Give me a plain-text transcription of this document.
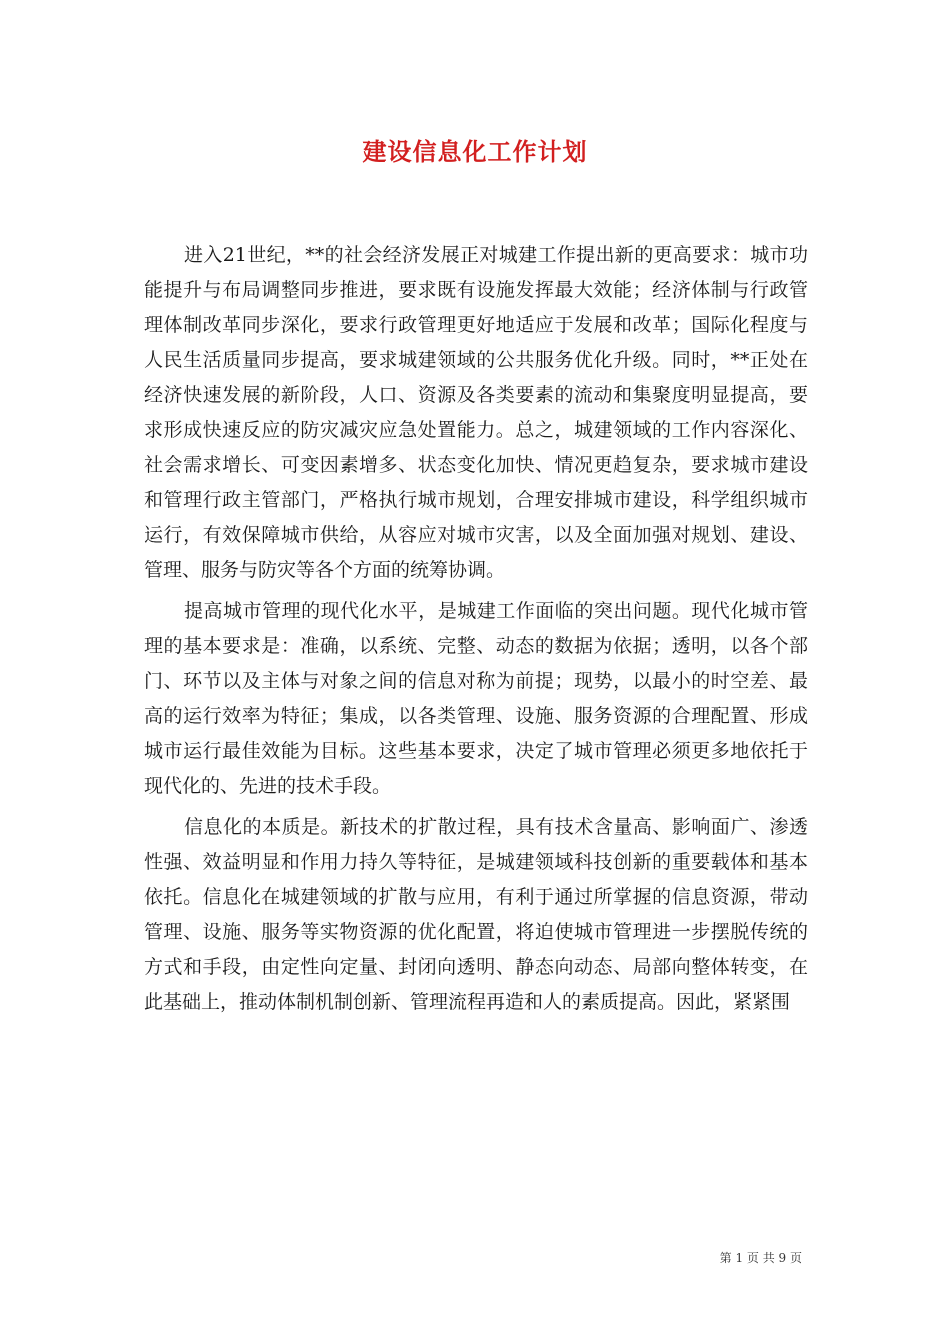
建设信息化工作计划

进入21世纪，**的社会经济发展正对城建工作提出新的更高要求：城市功能提升与布局调整同步推进，要求既有设施发挥最大效能；经济体制与行政管理体制改革同步深化，要求行政管理更好地适应于发展和改革；国际化程度与人民生活质量同步提高，要求城建领域的公共服务优化升级。同时，**正处在经济快速发展的新阶段，人口、资源及各类要素的流动和集聚度明显提高，要求形成快速反应的防灾减灾应急处置能力。总之，城建领域的工作内容深化、社会需求增长、可变因素增多、状态变化加快、情况更趋复杂，要求城市建设和管理行政主管部门，严格执行城市规划，合理安排城市建设，科学组织城市运行，有效保障城市供给，从容应对城市灾害，以及全面加强对规划、建设、管理、服务与防灾等各个方面的统筹协调。

提高城市管理的现代化水平，是城建工作面临的突出问题。现代化城市管理的基本要求是：准确，以系统、完整、动态的数据为依据；透明，以各个部门、环节以及主体与对象之间的信息对称为前提；现势，以最小的时空差、最高的运行效率为特征；集成，以各类管理、设施、服务资源的合理配置、形成城市运行最佳效能为目标。这些基本要求，决定了城市管理必须更多地依托于现代化的、先进的技术手段。

信息化的本质是。新技术的扩散过程，具有技术含量高、影响面广、渗透性强、效益明显和作用力持久等特征，是城建领域科技创新的重要载体和基本依托。信息化在城建领域的扩散与应用，有利于通过所掌握的信息资源，带动管理、设施、服务等实物资源的优化配置，将迫使城市管理进一步摆脱传统的方式和手段，由定性向定量、封闭向透明、静态向动态、局部向整体转变，在此基础上，推动体制机制创新、管理流程再造和人的素质提高。因此，紧紧围

第 1 页 共 9 页
